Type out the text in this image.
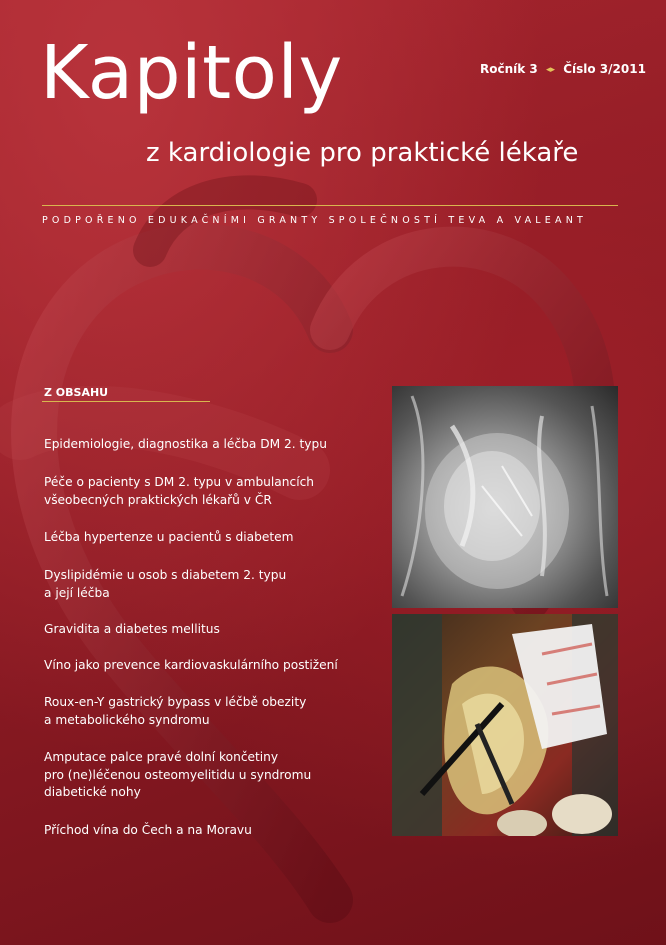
Kapitoly
z kardiologie pro praktické lékaře
Ročník 3 ◂▸ Číslo 3/2011
PODPOŘENO EDUKAČNÍMI GRANTY SPOLEČNOSTÍ TEVA A VALEANT
Z OBSAHU
Epidemiologie, diagnostika a léčba DM 2. typu
Péče o pacienty s DM 2. typu v ambulancích
všeobecných praktických lékařů v ČR
Léčba hypertenze u pacientů s diabetem
Dyslipidémie u osob s diabetem 2. typu
a její léčba
Gravidita a diabetes mellitus
Víno jako prevence kardiovaskulárního postižení
Roux-en-Y gastrický bypass v léčbě obezity
a metabolického syndromu
Amputace palce pravé dolní končetiny
pro (ne)léčenou osteomyelitidu u syndromu
diabetické nohy
Příchod vína do Čech a na Moravu
